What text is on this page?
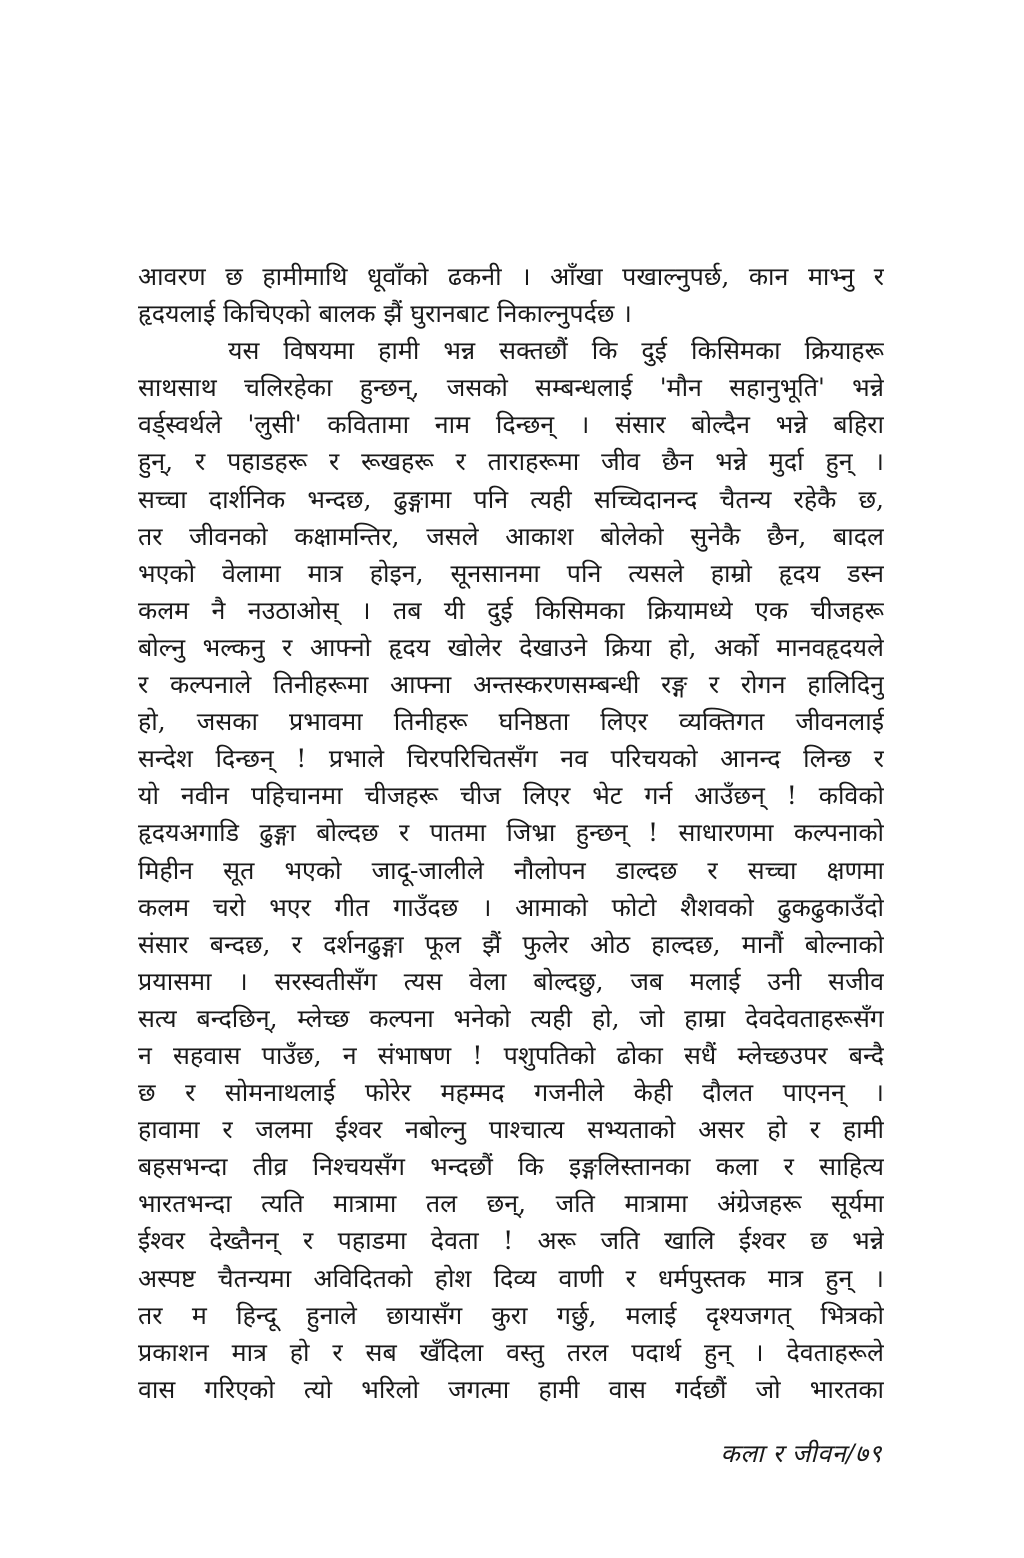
आवरण छ हामीमाथि धूवाँको ढकनी । आँखा पखाल्नुपर्छ, कान माभ्नु र
हृदयलाई किचिएको बालक झैं घुरानबाट निकाल्नुपर्दछ ।
यस विषयमा हामी भन्न सक्तछौं कि दुई किसिमका क्रियाहरू
साथसाथ चलिरहेका हुन्छन्, जसको सम्बन्धलाई 'मौन सहानुभूति' भन्ने
वर्ड्स्वर्थले 'लुसी' कवितामा नाम दिन्छन् । संसार बोल्दैन भन्ने बहिरा
हुन्, र पहाडहरू र रूखहरू र ताराहरूमा जीव छैन भन्ने मुर्दा हुन् ।
सच्चा दार्शनिक भन्दछ, ढुङ्गामा पनि त्यही सच्चिदानन्द चैतन्य रहेकै छ,
तर जीवनको कक्षामन्तिर, जसले आकाश बोलेको सुनेकै छैन, बादल
भएको वेलामा मात्र होइन, सूनसानमा पनि त्यसले हाम्रो हृदय डस्न
कलम नै नउठाओस् । तब यी दुई किसिमका क्रियामध्ये एक चीजहरू
बोल्नु भल्कनु र आफ्नो हृदय खोलेर देखाउने क्रिया हो, अर्को मानवहृदयले
र कल्पनाले तिनीहरूमा आफ्ना अन्तस्करणसम्बन्धी रङ्ग र रोगन हालिदिनु
हो, जसका प्रभावमा तिनीहरू घनिष्ठता लिएर व्यक्तिगत जीवनलाई
सन्देश दिन्छन् ! प्रभाले चिरपरिचितसँग नव परिचयको आनन्द लिन्छ र
यो नवीन पहिचानमा चीजहरू चीज लिएर भेट गर्न आउँछन् ! कविको
हृदयअगाडि ढुङ्गा बोल्दछ र पातमा जिभ्रा हुन्छन् ! साधारणमा कल्पनाको
मिहीन सूत भएको जादू-जालीले नौलोपन डाल्दछ र सच्चा क्षणमा
कलम चरो भएर गीत गाउँदछ । आमाको फोटो शैशवको ढुकढुकाउँदो
संसार बन्दछ, र दर्शनढुङ्गा फूल झैं फुलेर ओठ हाल्दछ, मानौं बोल्नाको
प्रयासमा । सरस्वतीसँग त्यस वेला बोल्दछु, जब मलाई उनी सजीव
सत्य बन्दछिन्, म्लेच्छ कल्पना भनेको त्यही हो, जो हाम्रा देवदेवताहरूसँग
न सहवास पाउँछ, न संभाषण ! पशुपतिको ढोका सधैं म्लेच्छउपर बन्दै
छ र सोमनाथलाई फोरेर महम्मद गजनीले केही दौलत पाएनन् ।
हावामा र जलमा ईश्वर नबोल्नु पाश्चात्य सभ्यताको असर हो र हामी
बहसभन्दा तीव्र निश्चयसँग भन्दछौं कि इङ्गलिस्तानका कला र साहित्य
भारतभन्दा त्यति मात्रामा तल छन्, जति मात्रामा अंग्रेजहरू सूर्यमा
ईश्वर देख्तैनन् र पहाडमा देवता ! अरू जति खालि ईश्वर छ भन्ने
अस्पष्ट चैतन्यमा अविदितको होश दिव्य वाणी र धर्मपुस्तक मात्र हुन् ।
तर म हिन्दू हुनाले छायासँग कुरा गर्छु, मलाई दृश्यजगत् भित्रको
प्रकाशन मात्र हो र सब खँदिला वस्तु तरल पदार्थ हुन् । देवताहरूले
वास गरिएको त्यो भरिलो जगत्मा हामी वास गर्दछौं जो भारतका
कला र जीवन/७९
